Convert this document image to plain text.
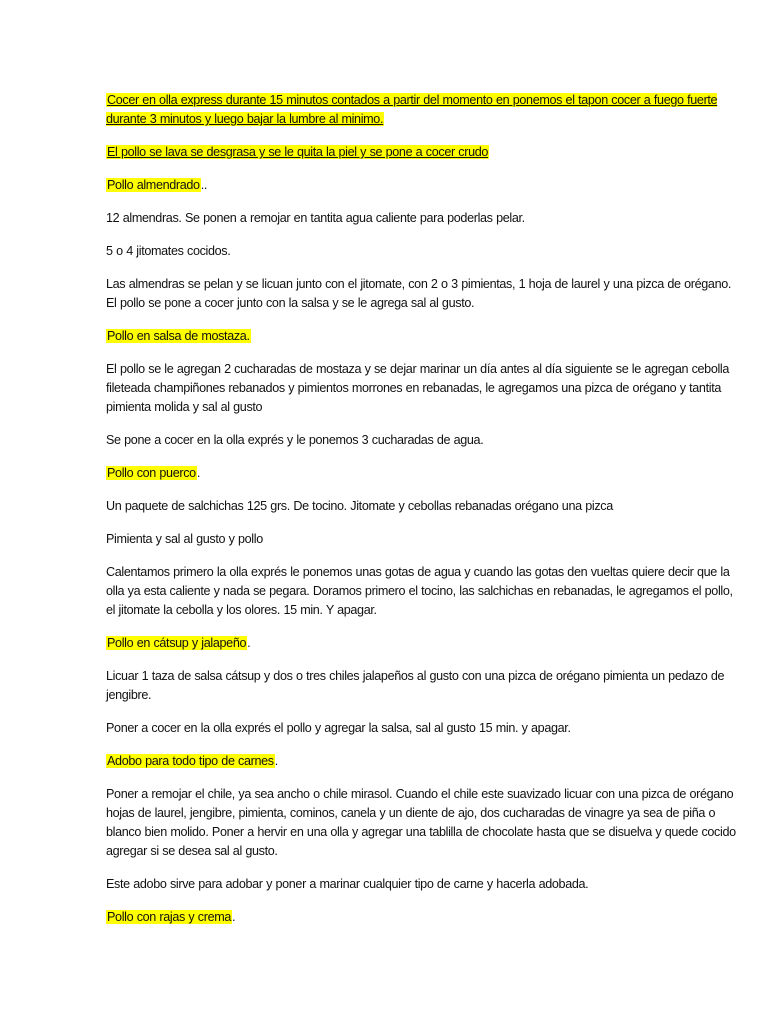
Cocer en olla express durante 15 minutos contados a partir del momento en ponemos el tapon cocer a fuego fuerte durante 3 minutos y luego bajar la lumbre al minimo.

El pollo se lava se desgrasa y se le quita la piel y se pone a cocer crudo

Pollo almendrado..

12 almendras. Se ponen a remojar en tantita agua caliente para poderlas pelar.

5 o 4 jitomates cocidos.

Las almendras se pelan y se licuan junto con el jitomate, con 2 o 3 pimientas, 1 hoja de laurel y una pizca de orégano. El pollo se pone a cocer junto con la salsa y se le agrega sal al gusto.

Pollo en salsa de mostaza.

El pollo se le agregan 2 cucharadas de mostaza y se dejar marinar un día antes al día siguiente se le agregan cebolla fileteada champiñones rebanados y pimientos morrones en rebanadas, le agregamos una pizca de orégano y tantita pimienta molida y sal al gusto

Se pone a cocer en la olla exprés y le ponemos 3 cucharadas de agua.

Pollo con puerco.

Un paquete de salchichas 125 grs. De tocino. Jitomate y cebollas rebanadas orégano una pizca

Pimienta y sal al gusto y pollo

Calentamos primero la olla exprés le ponemos unas gotas de agua y cuando las gotas den vueltas quiere decir que la olla ya esta caliente y nada se pegara. Doramos primero el tocino, las salchichas en rebanadas, le agregamos el pollo, el jitomate la cebolla y los olores. 15 min. Y apagar.

Pollo en cátsup y jalapeño.

Licuar 1 taza de salsa cátsup y dos o tres chiles jalapeños al gusto con una pizca de orégano pimienta un pedazo de jengibre.

Poner a cocer en la olla exprés el pollo y agregar la salsa, sal al gusto 15 min. y apagar.

Adobo para todo tipo de carnes.

Poner a remojar el chile, ya sea ancho o chile mirasol. Cuando el chile este suavizado licuar con una pizca de orégano hojas de laurel, jengibre, pimienta, cominos, canela y un diente de ajo, dos cucharadas de vinagre ya sea de piña o blanco bien molido. Poner a hervir en una olla y agregar una tablilla de chocolate hasta que se disuelva y quede cocido agregar si se desea sal al gusto.

Este adobo sirve para adobar y poner a marinar cualquier tipo de carne y hacerla adobada.

Pollo con rajas y crema.
